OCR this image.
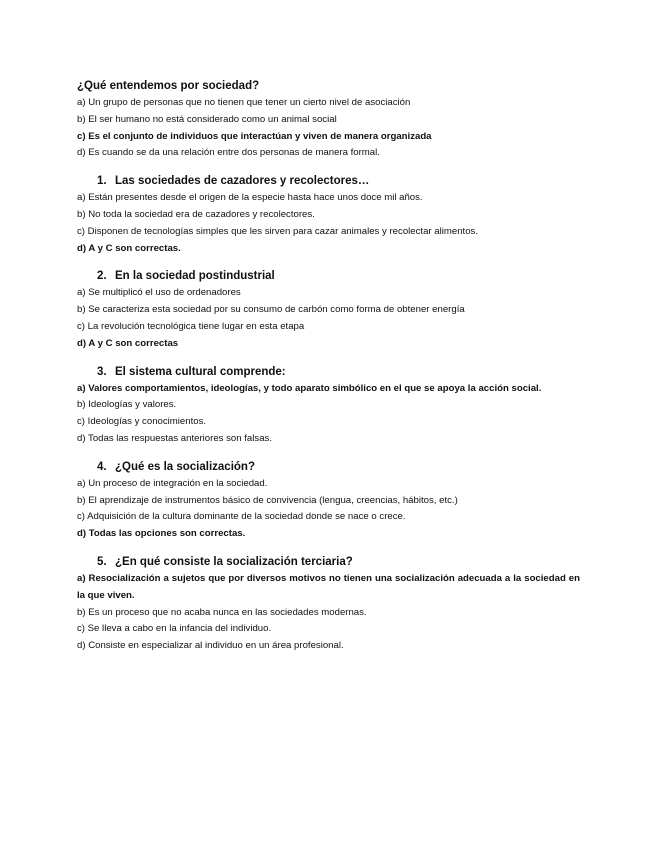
¿Qué entendemos por sociedad?

a) Un grupo de personas que no tienen que tener un cierto nivel de asociación

b) El ser humano no está considerado como un animal social

c) Es el conjunto de individuos que interactúan y viven de manera organizada

d) Es cuando se da una relación entre dos personas de manera formal.

1. Las sociedades de cazadores y recolectores…

a) Están presentes desde el origen de la especie hasta hace unos doce mil años.

b) No toda la sociedad era de cazadores y recolectores.

c) Disponen de tecnologías simples que les sirven para cazar animales y recolectar alimentos.

d) A y C son correctas.

2. En la sociedad postindustrial

a) Se multiplicó el uso de ordenadores

b) Se caracteriza esta sociedad por su consumo de carbón como forma de obtener energía

c) La revolución tecnológica tiene lugar en esta etapa

d) A y C son correctas

3. El sistema cultural comprende:

a) Valores comportamientos, ideologías, y todo aparato simbólico en el que se apoya la acción social.

b) Ideologías y valores.

c) Ideologías y conocimientos.

d) Todas las respuestas anteriores son falsas.

4. ¿Qué es la socialización?

a) Un proceso de integración en la sociedad.

b) El aprendizaje de instrumentos básico de convivencia (lengua, creencias, hábitos, etc.)

c) Adquisición de la cultura dominante de la sociedad donde se nace o crece.

d) Todas las opciones son correctas.

5. ¿En qué consiste la socialización terciaria?

a) Resocialización a sujetos que por diversos motivos no tienen una socialización adecuada a la sociedad en la que viven.

b) Es un proceso que no acaba nunca en las sociedades modernas.

c) Se lleva a cabo en la infancia del individuo.

d) Consiste en especializar al individuo en un área profesional.
